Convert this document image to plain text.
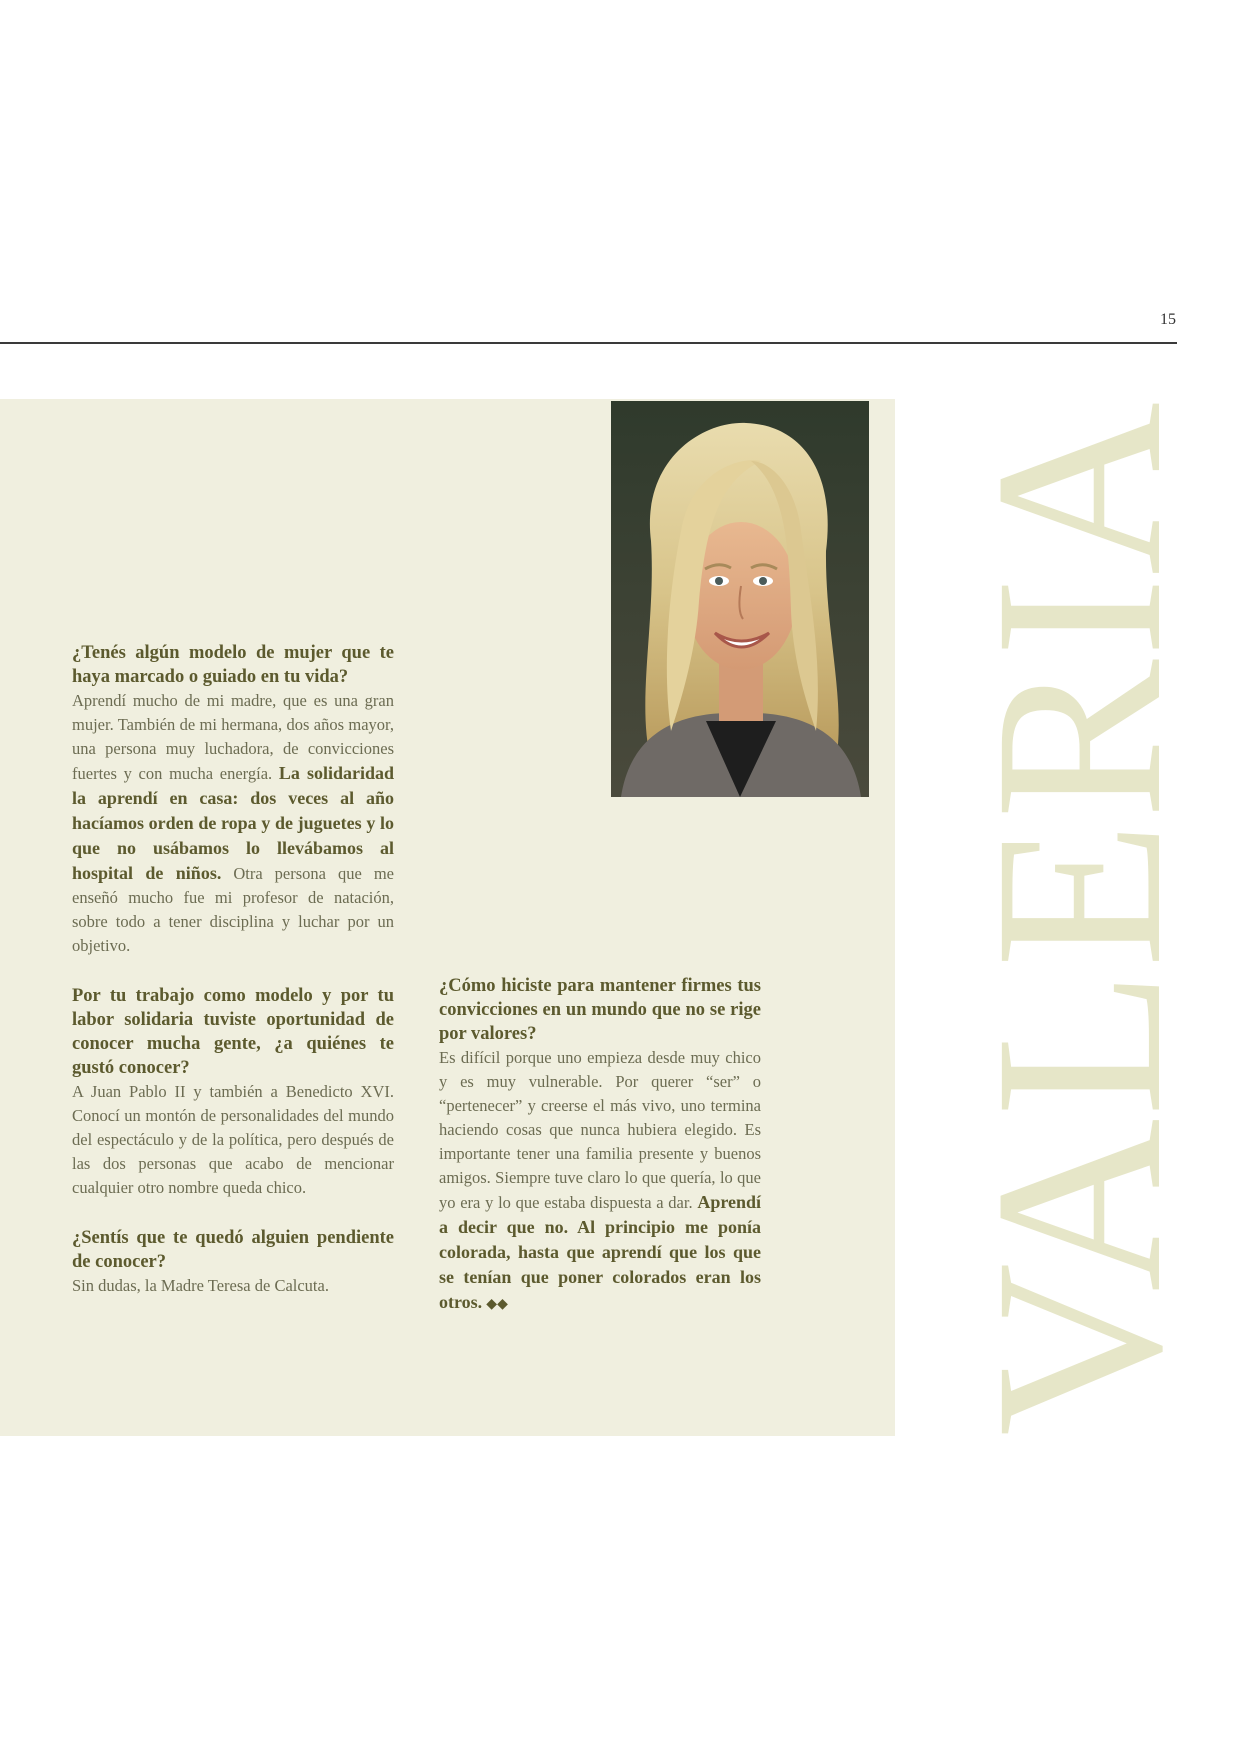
15
VALERIA

¿Tenés algún modelo de mujer que te haya marcado o guiado en tu vida?

Aprendí mucho de mi madre, que es una gran mujer. También de mi hermana, dos años mayor, una persona muy luchadora, de convicciones fuertes y con mucha energía. La solidaridad la aprendí en casa: dos veces al año hacíamos orden de ropa y de juguetes y lo que no usábamos lo llevábamos al hospital de niños. Otra persona que me enseñó mucho fue mi profesor de natación, sobre todo a tener disciplina y luchar por un objetivo.

Por tu trabajo como modelo y por tu labor solidaria tuviste oportunidad de conocer mucha gente, ¿a quiénes te gustó conocer?

A Juan Pablo II y también a Benedicto XVI. Conocí un montón de personalidades del mundo del espectáculo y de la política, pero después de las dos personas que acabo de mencionar cualquier otro nombre queda chico.

¿Sentís que te quedó alguien pendiente de conocer?

Sin dudas, la Madre Teresa de Calcuta.

¿Cómo hiciste para mantener firmes tus convicciones en un mundo que no se rige por valores?

Es difícil porque uno empieza desde muy chico y es muy vulnerable. Por querer “ser” o “pertenecer” y creerse el más vivo, uno termina haciendo cosas que nunca hubiera elegido. Es importante tener una familia presente y buenos amigos. Siempre tuve claro lo que quería, lo que yo era y lo que estaba dispuesta a dar. Aprendí a decir que no. Al principio me ponía colorada, hasta que aprendí que los que se tenían que poner colorados eran los otros. ◆◆
